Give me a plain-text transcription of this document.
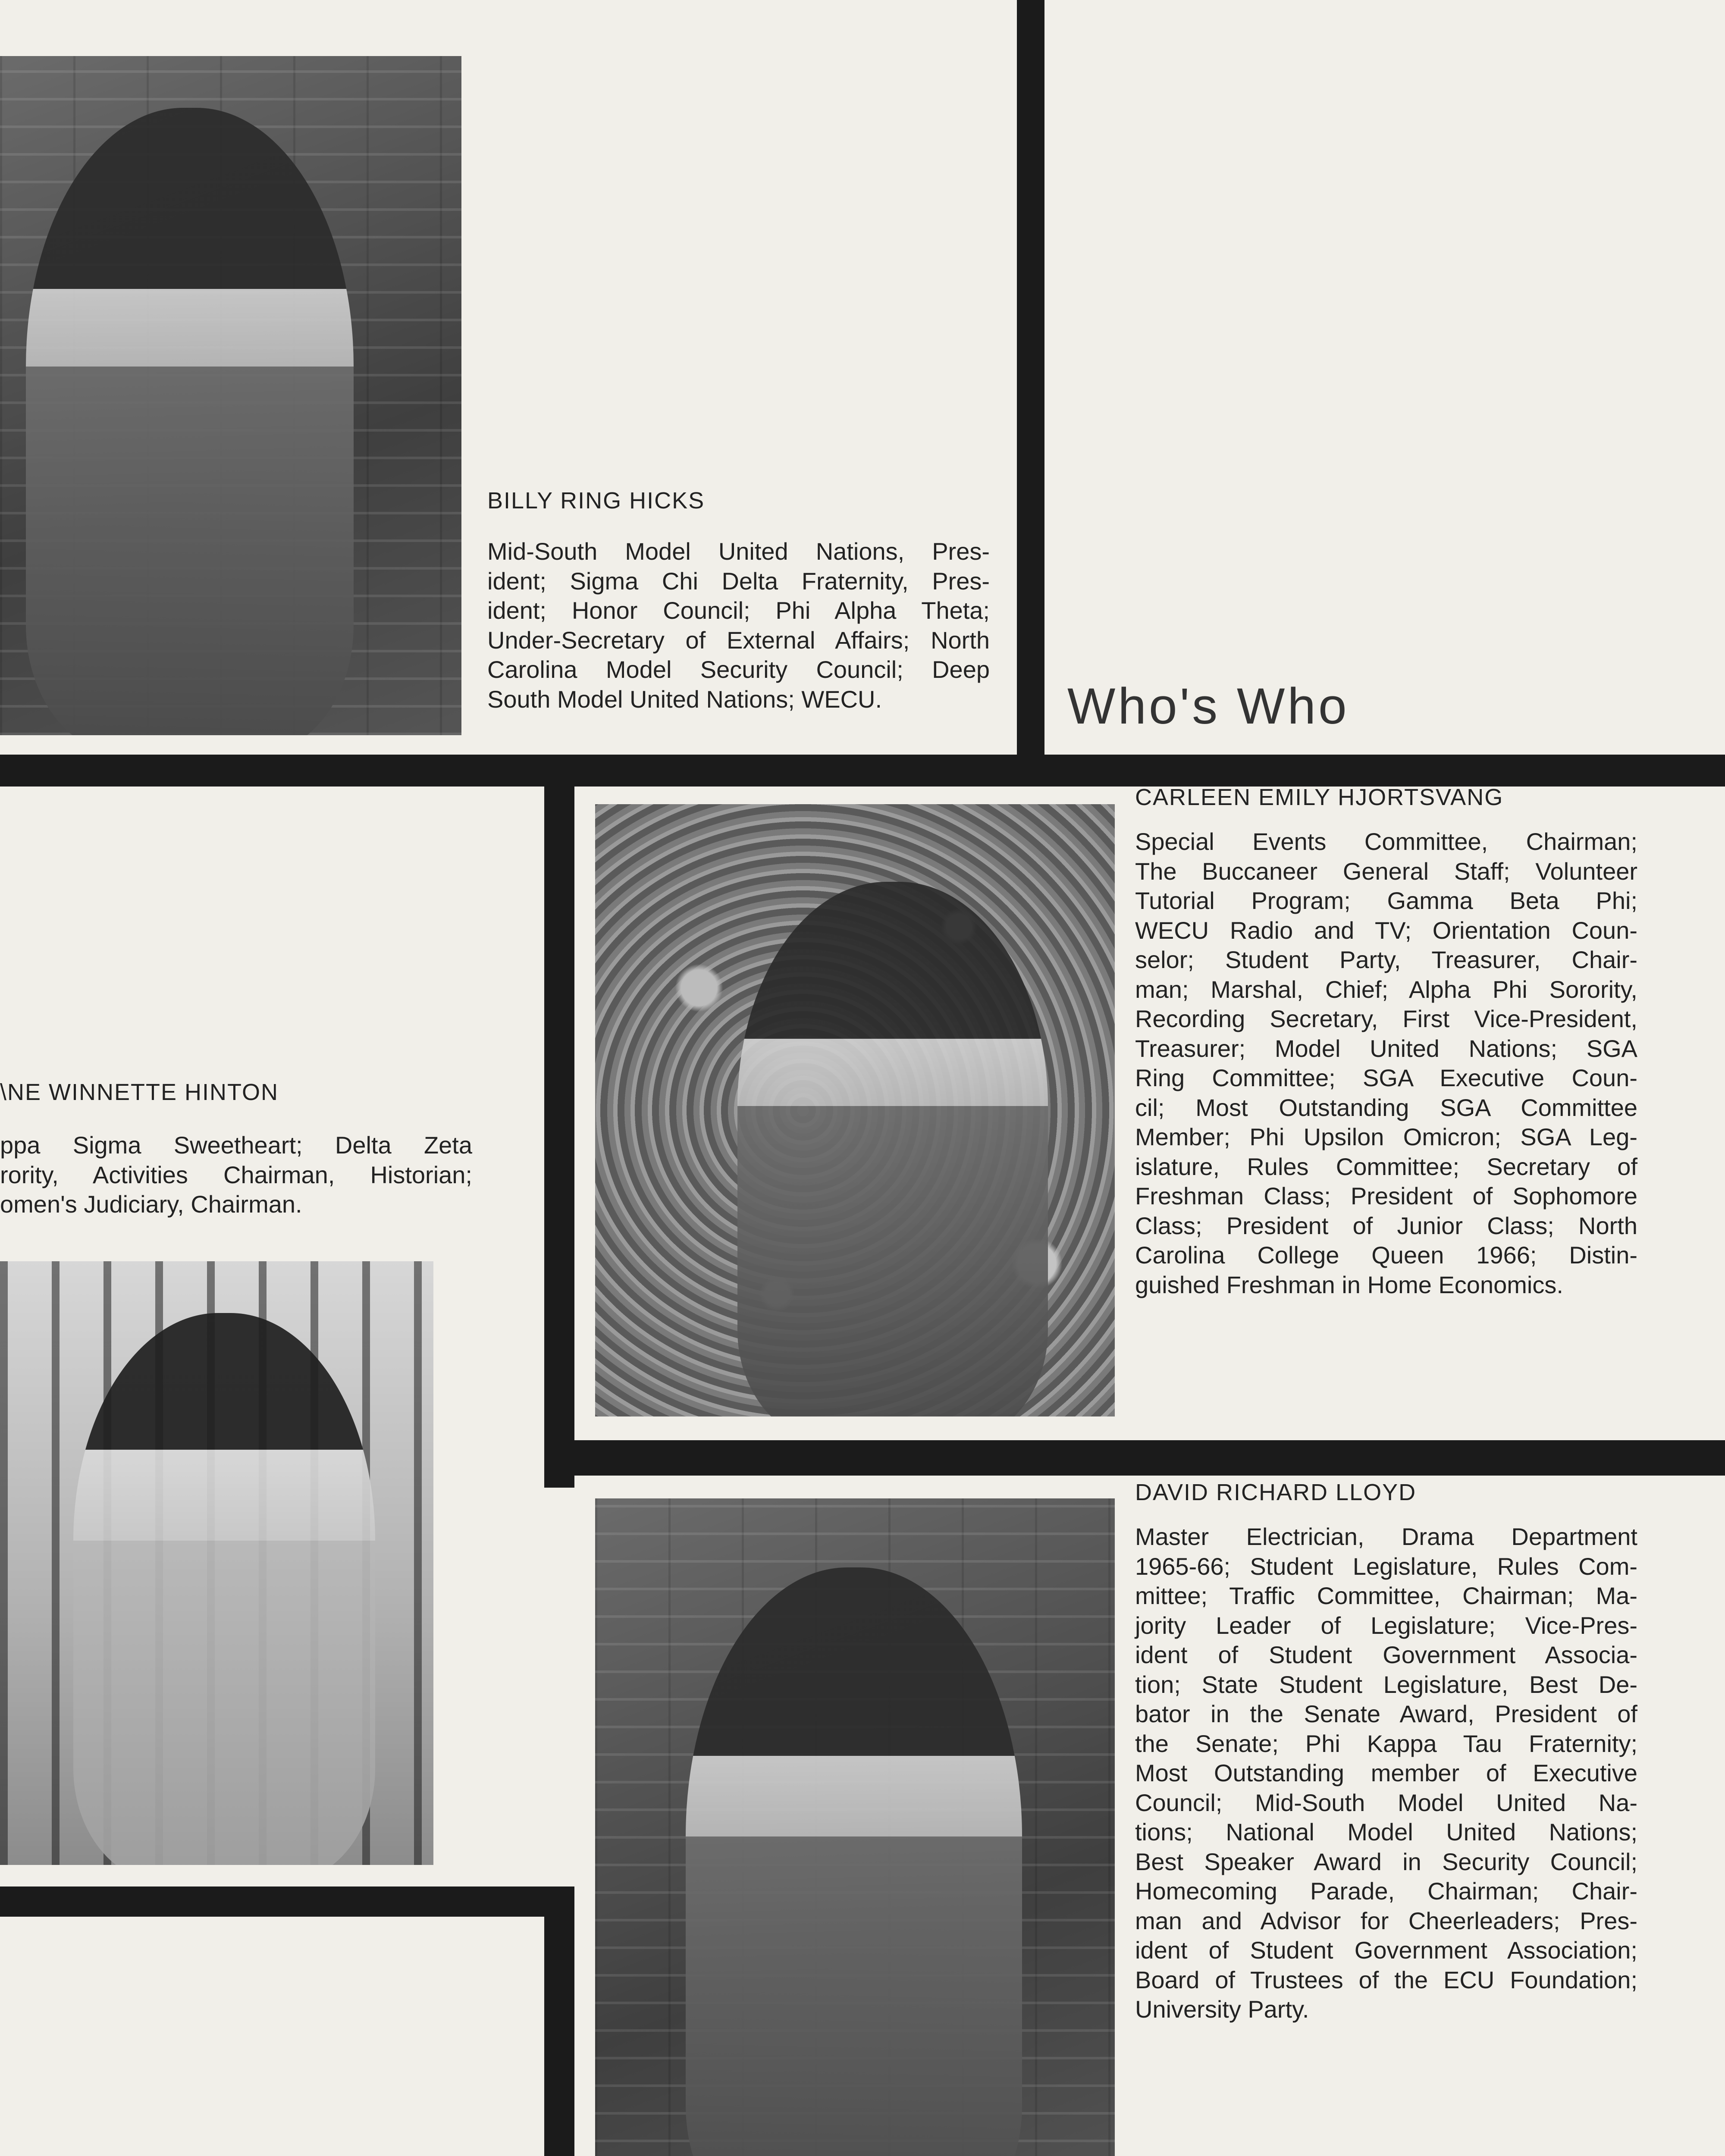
BILLY RING HICKS
Mid-South Model United Nations, Pres-
ident; Sigma Chi Delta Fraternity, Pres-
ident; Honor Council; Phi Alpha Theta;
Under-Secretary of External Affairs; North
Carolina Model Security Council; Deep
South Model United Nations; WECU.	Who's Who
CARLEEN EMILY HJORTSVANG
Special Events Committee, Chairman;
The Buccaneer General Staff; Volunteer
Tutorial Program; Gamma Beta Phi;
WECU Radio and TV; Orientation Coun-
selor; Student Party, Treasurer, Chair-
man; Marshal, Chief; Alpha Phi Sorority,
Recording Secretary, First Vice-President,
Treasurer; Model United Nations; SGA
Ring Committee; SGA Executive Coun-
cil; Most Outstanding SGA Committee
Member; Phi Upsilon Omicron; SGA Leg-
islature, Rules Committee; Secretary of
Freshman Class; President of Sophomore
Class; President of Junior Class; North
Carolina College Queen 1966; Distin-
guished Freshman in Home Economics.
\NE WINNETTE HINTON
ppa Sigma Sweetheart; Delta Zeta
rority, Activities Chairman, Historian;
omen's Judiciary, Chairman.
DAVID RICHARD LLOYD
Master Electrician, Drama Department
1965-66; Student Legislature, Rules Com-
mittee; Traffic Committee, Chairman; Ma-
jority Leader of Legislature; Vice-Pres-
ident of Student Government Associa-
tion; State Student Legislature, Best De-
bator in the Senate Award, President of
the Senate; Phi Kappa Tau Fraternity;
Most Outstanding member of Executive
Council; Mid-South Model United Na-
tions; National Model United Nations;
Best Speaker Award in Security Council;
Homecoming Parade, Chairman; Chair-
man and Advisor for Cheerleaders; Pres-
ident of Student Government Association;
Board of Trustees of the ECU Foundation;
University Party.
